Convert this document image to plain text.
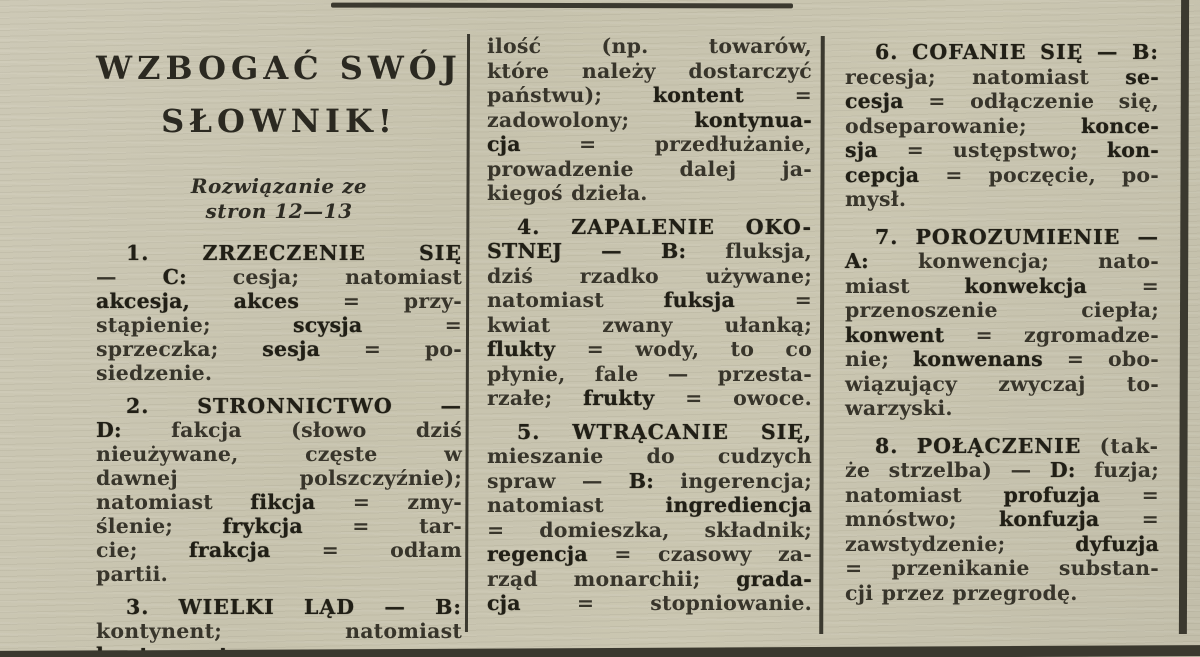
WZBOGAĆ SWÓJ
SŁOWNIK!
Rozwiązanie ze
stron 12—13
1. ZRZECZENIE SIĘ
— C: cesja; natomiast
akcesja, akces = przy-
stąpienie; scysja =
sprzeczka; sesja = po-
siedzenie.
2. STRONNICTWO —
D: fakcja (słowo dziś
nieużywane, częste w
dawnej polszczyźnie);
natomiast fikcja = zmy-
ślenie; frykcja = tar-
cie; frakcja = odłam
partii.
3. WIELKI LĄD — B:
kontynent; natomiast
ilość (np. towarów,
które należy dostarczyć
państwu); kontent =
zadowolony; kontynua-
cja = przedłużanie,
prowadzenie dalej ja-
kiegoś dzieła.
4. ZAPALENIE OKO-
STNEJ — B: fluksja,
dziś rzadko używane;
natomiast fuksja =
kwiat zwany ułanką;
flukty = wody, to co
płynie, fale — przesta-
rzałe; frukty = owoce.
5. WTRĄCANIE SIĘ,
mieszanie do cudzych
spraw — B: ingerencja;
natomiast ingrediencja
= domieszka, składnik;
regencja = czasowy za-
rząd monarchii; grada-
cja = stopniowanie.
6. COFANIE SIĘ — B:
recesja; natomiast se-
cesja = odłączenie się,
odseparowanie; konce-
sja = ustępstwo; kon-
cepcja = poczęcie, po-
mysł.
7. POROZUMIENIE —
A: konwencja; nato-
miast konwekcja =
przenoszenie ciepła;
konwent = zgromadze-
nie; konwenans = obo-
wiązujący zwyczaj to-
warzyski.
8. POŁĄCZENIE (tak-
że strzelba) — D: fuzja;
natomiast profuzja =
mnóstwo; konfuzja =
zawstydzenie; dyfuzja
= przenikanie substan-
cji przez przegrodę.
